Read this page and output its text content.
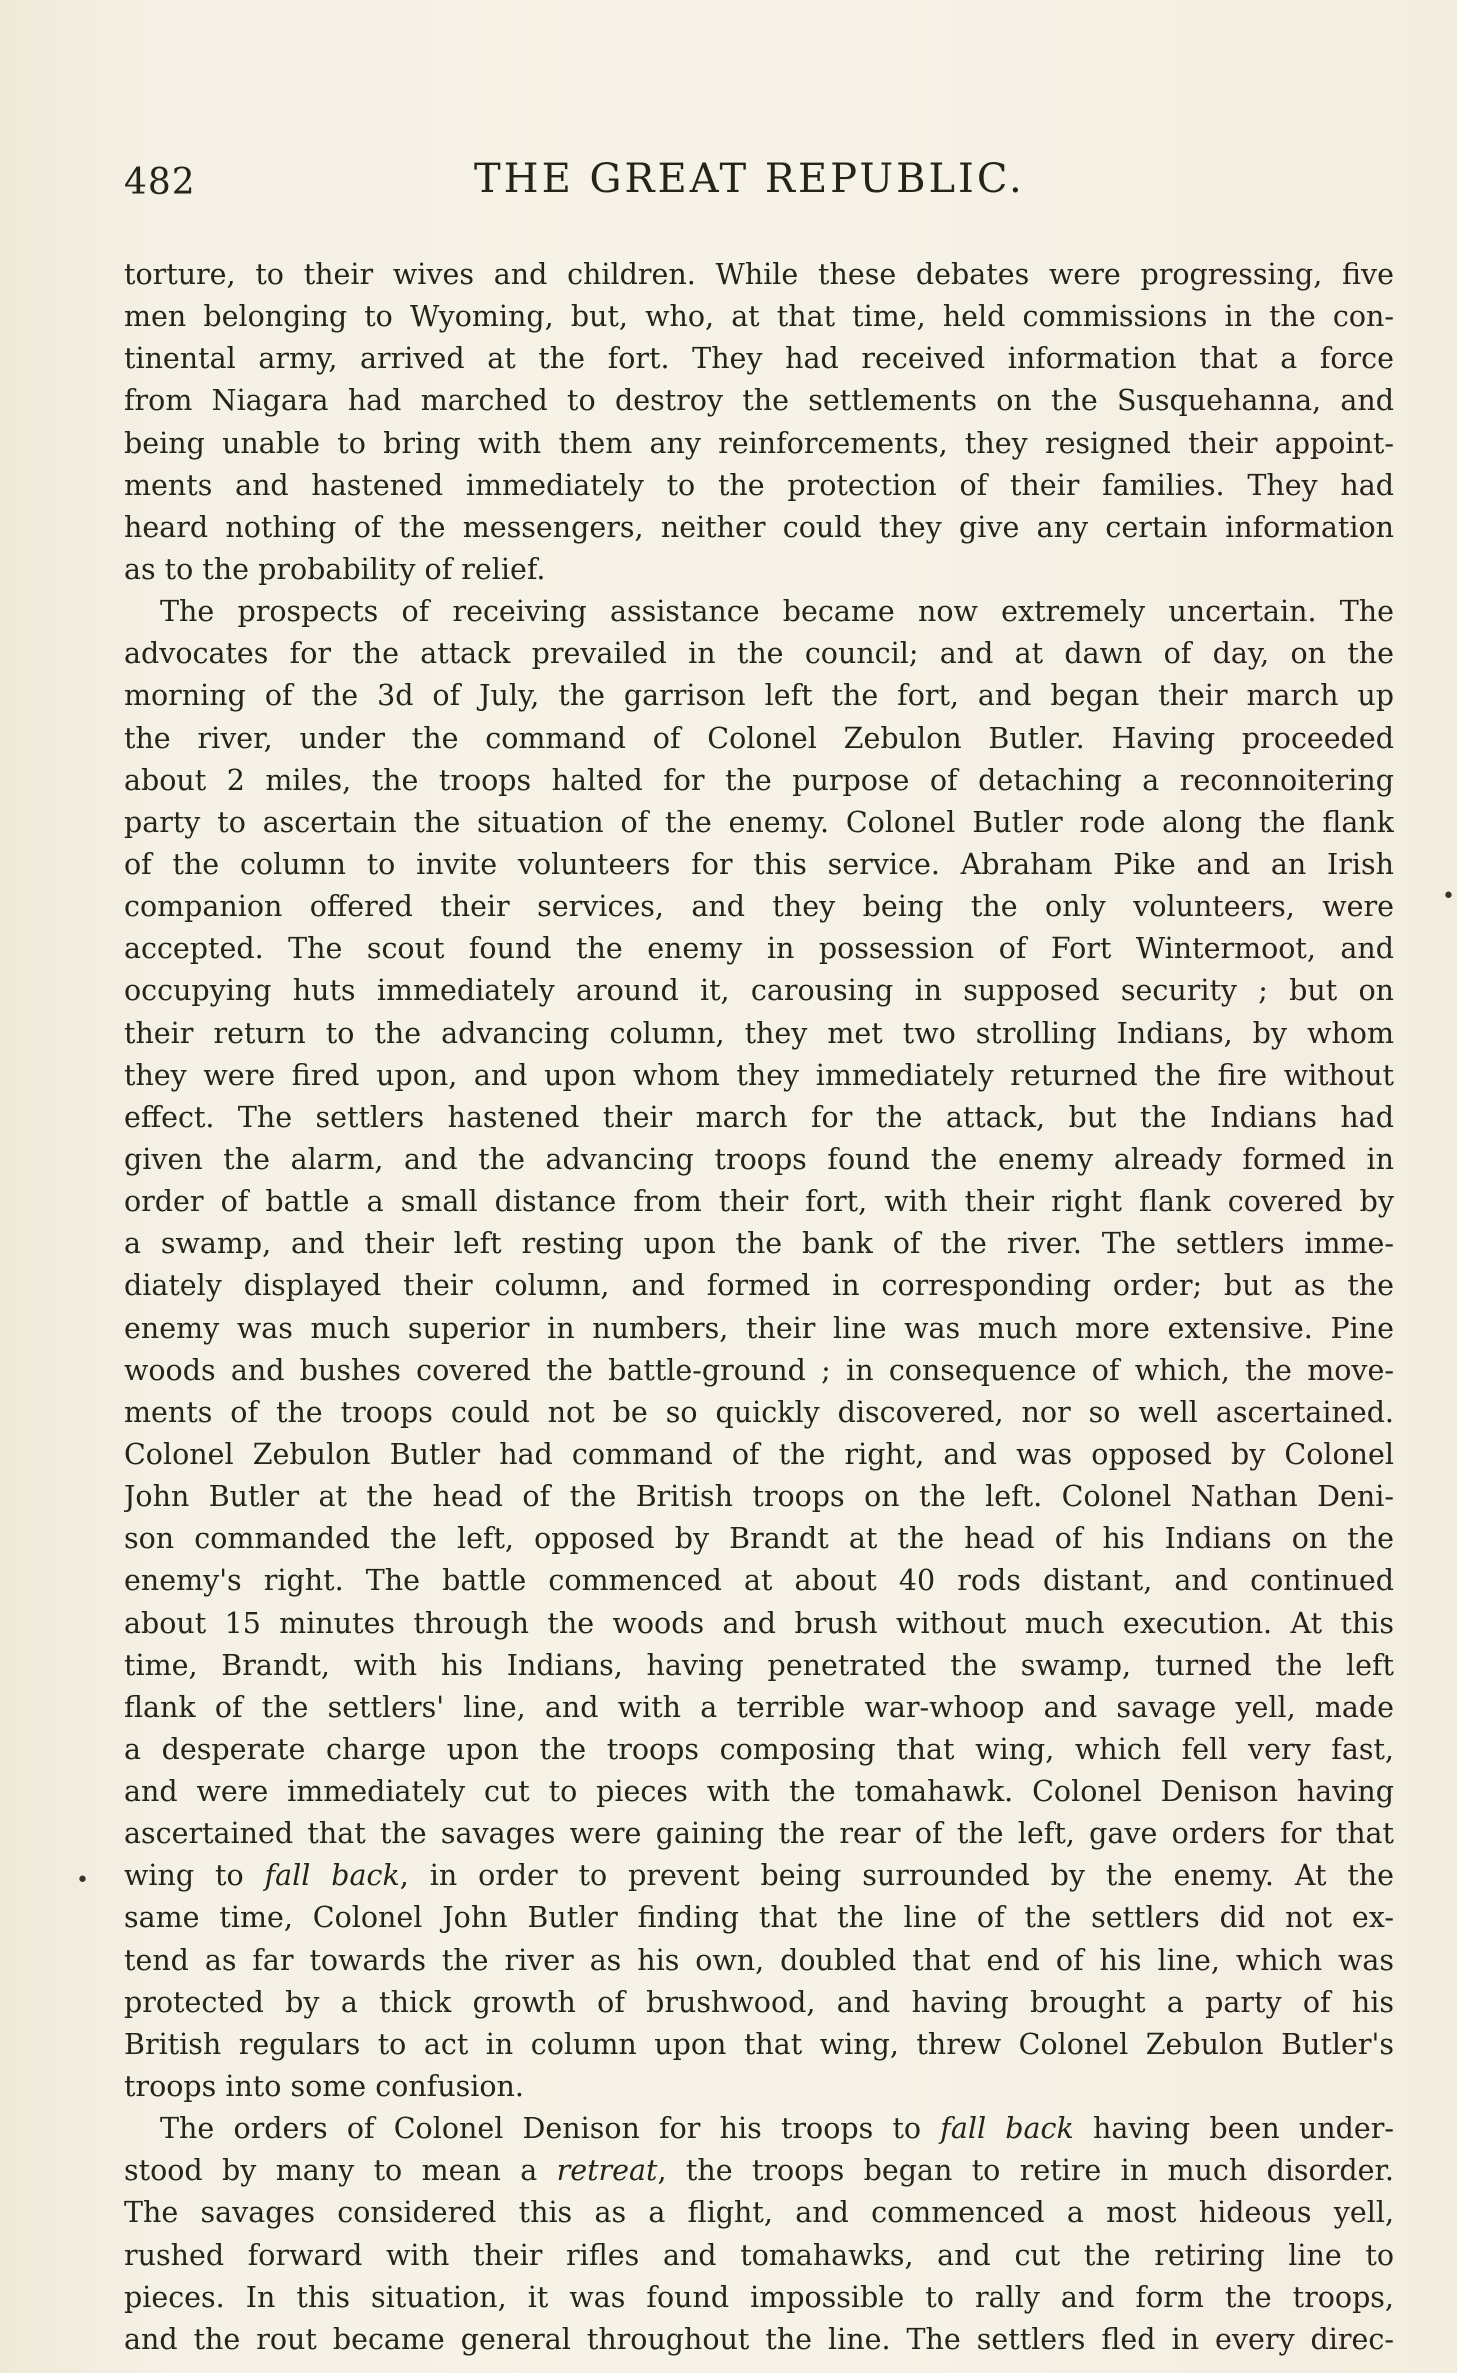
482	THE GREAT REPUBLIC.
torture, to their wives and children. While these debates were progressing, five
men belonging to Wyoming, but, who, at that time, held commissions in the con-
tinental army, arrived at the fort. They had received information that a force
from Niagara had marched to destroy the settlements on the Susquehanna, and
being unable to bring with them any reinforcements, they resigned their appoint-
ments and hastened immediately to the protection of their families. They had
heard nothing of the messengers, neither could they give any certain information
as to the probability of relief.
The prospects of receiving assistance became now extremely uncertain. The
advocates for the attack prevailed in the council; and at dawn of day, on the
morning of the 3d of July, the garrison left the fort, and began their march up
the river, under the command of Colonel Zebulon Butler. Having proceeded
about 2 miles, the troops halted for the purpose of detaching a reconnoitering
party to ascertain the situation of the enemy. Colonel Butler rode along the flank
of the column to invite volunteers for this service. Abraham Pike and an Irish
companion offered their services, and they being the only volunteers, were
accepted. The scout found the enemy in possession of Fort Wintermoot, and
occupying huts immediately around it, carousing in supposed security ; but on
their return to the advancing column, they met two strolling Indians, by whom
they were fired upon, and upon whom they immediately returned the fire without
effect. The settlers hastened their march for the attack, but the Indians had
given the alarm, and the advancing troops found the enemy already formed in
order of battle a small distance from their fort, with their right flank covered by
a swamp, and their left resting upon the bank of the river. The settlers imme-
diately displayed their column, and formed in corresponding order; but as the
enemy was much superior in numbers, their line was much more extensive. Pine
woods and bushes covered the battle-ground ; in consequence of which, the move-
ments of the troops could not be so quickly discovered, nor so well ascertained.
Colonel Zebulon Butler had command of the right, and was opposed by Colonel
John Butler at the head of the British troops on the left. Colonel Nathan Deni-
son commanded the left, opposed by Brandt at the head of his Indians on the
enemy's right. The battle commenced at about 40 rods distant, and continued
about 15 minutes through the woods and brush without much execution. At this
time, Brandt, with his Indians, having penetrated the swamp, turned the left
flank of the settlers' line, and with a terrible war-whoop and savage yell, made
a desperate charge upon the troops composing that wing, which fell very fast,
and were immediately cut to pieces with the tomahawk. Colonel Denison having
ascertained that the savages were gaining the rear of the left, gave orders for that
wing to fall back, in order to prevent being surrounded by the enemy. At the
same time, Colonel John Butler finding that the line of the settlers did not ex-
tend as far towards the river as his own, doubled that end of his line, which was
protected by a thick growth of brushwood, and having brought a party of his
British regulars to act in column upon that wing, threw Colonel Zebulon Butler's
troops into some confusion.
The orders of Colonel Denison for his troops to fall back having been under-
stood by many to mean a retreat, the troops began to retire in much disorder.
The savages considered this as a flight, and commenced a most hideous yell,
rushed forward with their rifles and tomahawks, and cut the retiring line to
pieces. In this situation, it was found impossible to rally and form the troops,
and the rout became general throughout the line. The settlers fled in every direc-
•
•
